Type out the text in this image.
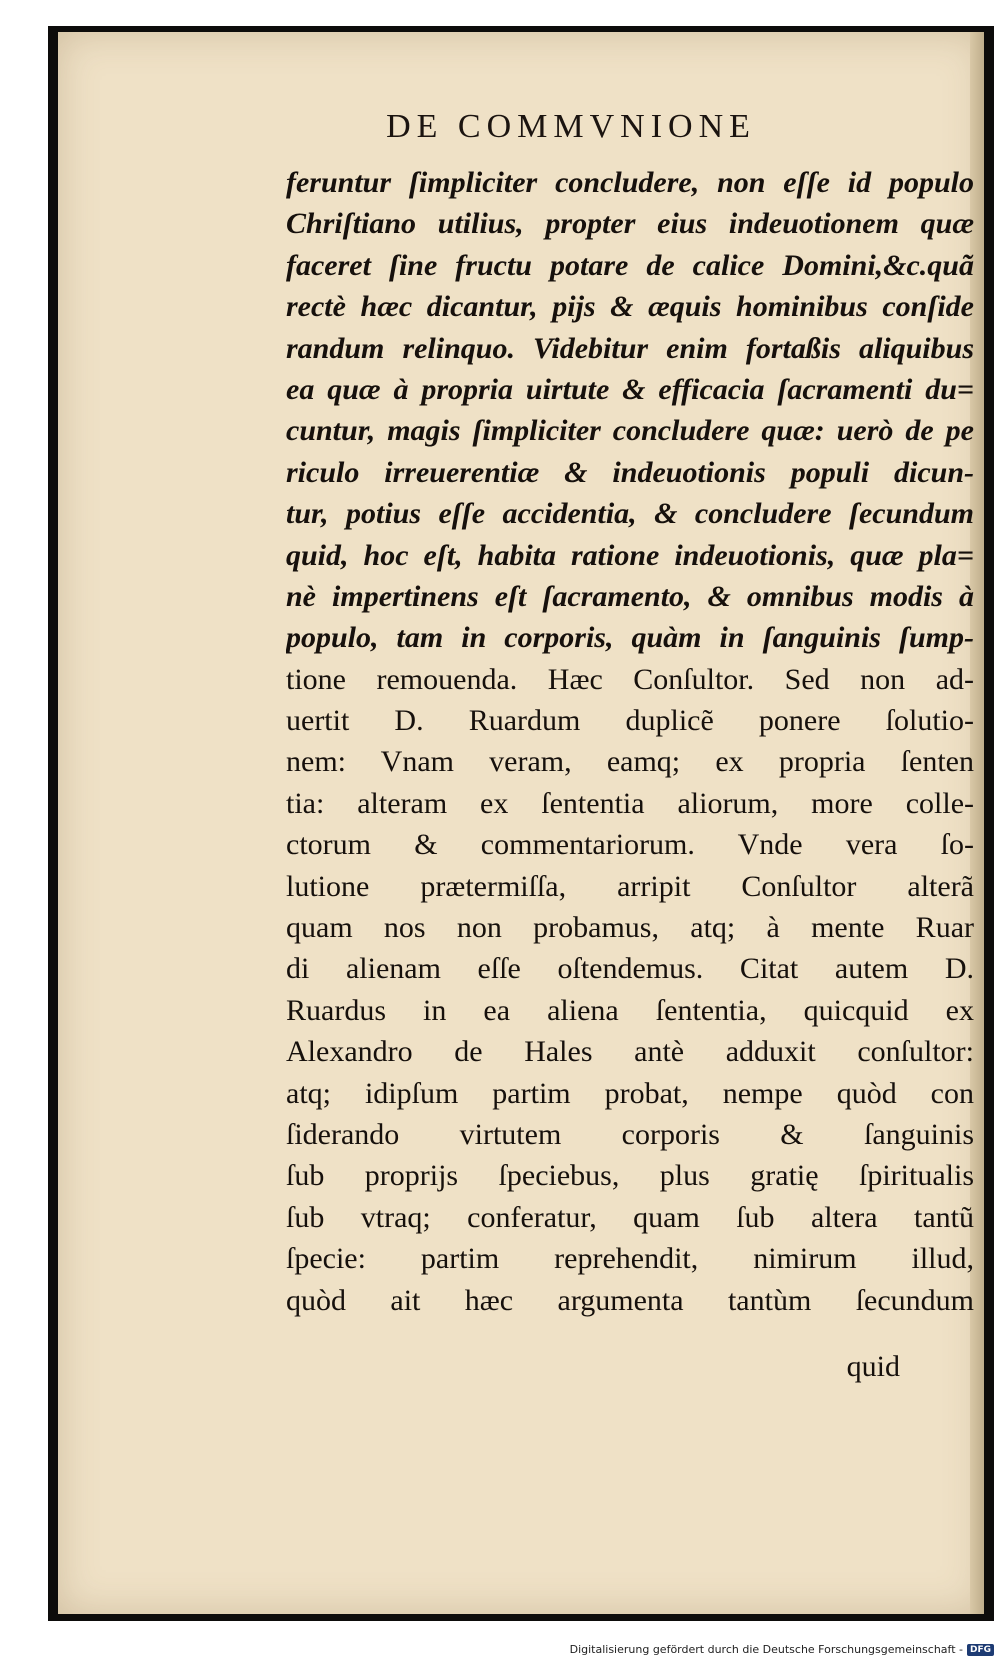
DE COMMVNIONE
feruntur ſimpliciter concludere, non eſſe id populo
Chriſtiano utilius, propter eius indeuotionem quæ
faceret ſine fructu potare de calice Domini,&c.quã
rectè hæc dicantur, pijs & æquis hominibus conſide
randum relinquo. Videbitur enim fortaßis aliquibus
ea quæ à propria uirtute & efficacia ſacramenti du=
cuntur, magis ſimpliciter concludere quæ: uerò de pe
riculo irreuerentiæ & indeuotionis populi dicun-
tur, potius eſſe accidentia, & concludere ſecundum
quid, hoc eſt, habita ratione indeuotionis, quæ pla=
nè impertinens eſt ſacramento, & omnibus modis à
populo, tam in corporis, quàm in ſanguinis ſump-
tione remouenda. Hæc Conſultor. Sed non ad-
uertit D. Ruardum duplicẽ ponere ſolutio-
nem: Vnam veram, eamq; ex propria ſenten
tia: alteram ex ſententia aliorum, more colle-
ctorum & commentariorum. Vnde vera ſo-
lutione prætermiſſa, arripit Conſultor alterã
quam nos non probamus, atq; à mente Ruar
di alienam eſſe oſtendemus. Citat autem D.
Ruardus in ea aliena ſententia, quicquid ex
Alexandro de Hales antè adduxit conſultor:
atq; idipſum partim probat, nempe quòd con
ſiderando virtutem corporis & ſanguinis
ſub proprijs ſpeciebus, plus gratię ſpiritualis
ſub vtraq; conferatur, quam ſub altera tantũ
ſpecie: partim reprehendit, nimirum illud,
quòd ait hæc argumenta tantùm ſecundum
quid
Digitalisierung gefördert durch die Deutsche Forschungsgemeinschaft - DFG
